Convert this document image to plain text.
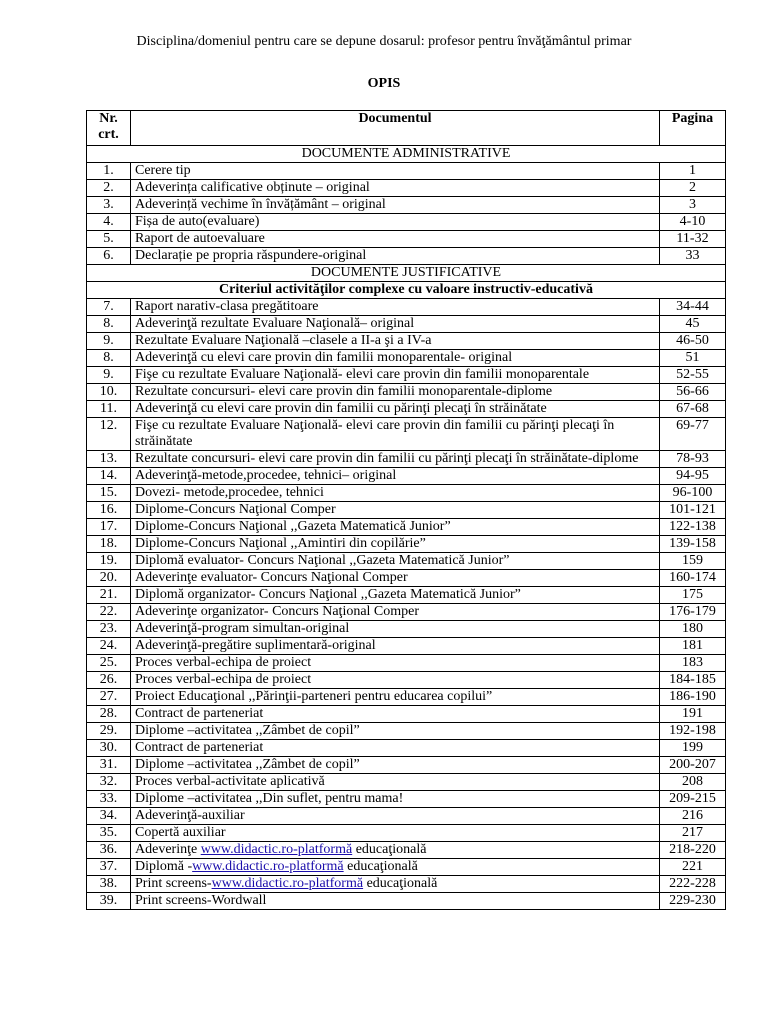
Disciplina/domeniul pentru care se depune dosarul: profesor pentru învăţământul primar
OPIS
Nr.
crt.	Documentul	Pagina
DOCUMENTE ADMINISTRATIVE		
1.	Cerere tip	1
2.	Adeverința calificative obținute – original	2
3.	Adeverință vechime în învățământ – original	3
4.	Fișa de auto(evaluare)	4-10
5.	Raport de autoevaluare	11-32
6.	Declarație pe propria răspundere-original	33
DOCUMENTE JUSTIFICATIVE		
Criteriul activităţilor complexe cu valoare instructiv-educativă		
7.	Raport narativ-clasa pregătitoare	34-44
8.	Adeverinţă rezultate Evaluare Naţională– original	45
9.	Rezultate Evaluare Naţională –clasele a II-a şi a IV-a	46-50
8.	Adeverinţă cu elevi care provin din familii monoparentale- original	51
9.	Fişe cu rezultate Evaluare Naţională- elevi care provin din familii monoparentale	52-55
10.	Rezultate concursuri- elevi care provin din familii monoparentale-diplome	56-66
11.	Adeverinţă cu elevi care provin din familii cu părinţi plecaţi în străinătate	67-68
12.	Fişe cu rezultate Evaluare Naţională- elevi care provin din familii cu părinţi plecaţi în străinătate	69-77
13.	Rezultate concursuri- elevi care provin din familii cu părinţi plecaţi în străinătate-diplome	78-93
14.	Adeverinţă-metode,procedee, tehnici– original	94-95
15.	Dovezi- metode,procedee, tehnici	96-100
16.	Diplome-Concurs Naţional Comper	101-121
17.	Diplome-Concurs Naţional ,,Gazeta Matematică Junior”	122-138
18.	Diplome-Concurs Naţional ,,Amintiri din copilărie”	139-158
19.	Diplomă evaluator- Concurs Naţional ,,Gazeta Matematică Junior”	159
20.	Adeverinţe evaluator- Concurs Naţional Comper	160-174
21.	Diplomă organizator- Concurs Naţional ,,Gazeta Matematică Junior”	175
22.	Adeverinţe organizator- Concurs Naţional Comper	176-179
23.	Adeverinţă-program simultan-original	180
24.	Adeverinţă-pregătire suplimentară-original	181
25.	Proces verbal-echipa de proiect	183
26.	Proces verbal-echipa de proiect	184-185
27.	Proiect Educaţional ,,Părinţii-parteneri pentru educarea copilui”	186-190
28.	Contract de parteneriat	191
29.	Diplome –activitatea ,,Zâmbet de copil”	192-198
30.	Contract de parteneriat	199
31.	Diplome –activitatea ,,Zâmbet de copil”	200-207
32.	Proces verbal-activitate aplicativă	208
33.	Diplome –activitatea ,,Din suflet, pentru mama!	209-215
34.	Adeverinţă-auxiliar	216
35.	Copertă auxiliar	217
36.	Adeverinţe www.didactic.ro-platformă educaţională	218-220
37.	Diplomă -www.didactic.ro-platformă educaţională	221
38.	Print screens-www.didactic.ro-platformă educaţională	222-228
39.	Print screens-Wordwall	229-230
